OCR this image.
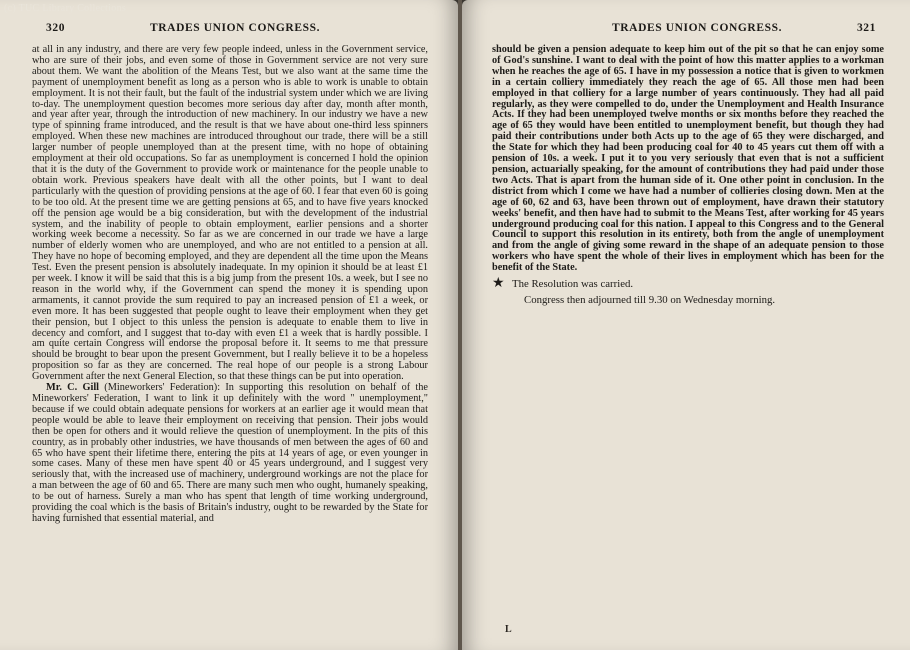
(c) TUC Library Collections
320	TRADES UNION CONGRESS.

at all in any industry, and there are very few people indeed, unless in the Government service, who are sure of their jobs, and even some of those in Government service are not very sure about them. We want the abolition of the Means Test, but we also want at the same time the payment of unemployment benefit as long as a person who is able to work is unable to obtain employment. It is not their fault, but the fault of the industrial system under which we are living to-day. The unemployment question becomes more serious day after day, month after month, and year after year, through the introduction of new machinery. In our industry we have a new type of spinning frame introduced, and the result is that we have about one-third less spinners employed. When these new machines are introduced throughout our trade, there will be a still larger number of people unemployed than at the present time, with no hope of obtaining employment at their old occupations. So far as unemployment is concerned I hold the opinion that it is the duty of the Government to provide work or maintenance for the people unable to obtain work. Previous speakers have dealt with all the other points, but I want to deal particularly with the question of providing pensions at the age of 60. I fear that even 60 is going to be too old. At the present time we are getting pensions at 65, and to have five years knocked off the pension age would be a big consideration, but with the development of the industrial system, and the inability of people to obtain employment, earlier pensions and a shorter working week become a necessity. So far as we are concerned in our trade we have a large number of elderly women who are unemployed, and who are not entitled to a pension at all. They have no hope of becoming employed, and they are dependent all the time upon the Means Test. Even the present pension is absolutely inadequate. In my opinion it should be at least £1 per week. I know it will be said that this is a big jump from the present 10s. a week, but I see no reason in the world why, if the Government can spend the money it is spending upon armaments, it cannot provide the sum required to pay an increased pension of £1 a week, or even more. It has been suggested that people ought to leave their employment when they get their pension, but I object to this unless the pension is adequate to enable them to live in decency and comfort, and I suggest that to-day with even £1 a week that is hardly possible. I am quite certain Congress will endorse the proposal before it. It seems to me that pressure should be brought to bear upon the present Government, but I really believe it to be a hopeless proposition so far as they are concerned. The real hope of our people is a strong Labour Government after the next General Election, so that these things can be put into operation.

Mr. C. Gill (Mineworkers' Federation): In supporting this resolution on behalf of the Mineworkers' Federation, I want to link it up definitely with the word " unemployment," because if we could obtain adequate pensions for workers at an earlier age it would mean that people would be able to leave their employment on receiving that pension. Their jobs would then be open for others and it would relieve the question of unemployment. In the pits of this country, as in probably other industries, we have thousands of men between the ages of 60 and 65 who have spent their lifetime there, entering the pits at 14 years of age, or even younger in some cases. Many of these men have spent 40 or 45 years underground, and I suggest very seriously that, with the increased use of machinery, underground workings are not the place for a man between the age of 60 and 65. There are many such men who ought, humanely speaking, to be out of harness. Surely a man who has spent that length of time working underground, providing the coal which is the basis of Britain's industry, ought to be rewarded by the State for having furnished that essential material, and

TRADES UNION CONGRESS.	321

should be given a pension adequate to keep him out of the pit so that he can enjoy some of God's sunshine. I want to deal with the point of how this matter applies to a workman when he reaches the age of 65. I have in my possession a notice that is given to workmen in a certain colliery immediately they reach the age of 65. All those men had been employed in that colliery for a large number of years continuously. They had all paid regularly, as they were compelled to do, under the Unemployment and Health Insurance Acts. If they had been unemployed twelve months or six months before they reached the age of 65 they would have been entitled to unemployment benefit, but though they had paid their contributions under both Acts up to the age of 65 they were discharged, and the State for which they had been producing coal for 40 to 45 years cut them off with a pension of 10s. a week. I put it to you very seriously that even that is not a sufficient pension, actuarially speaking, for the amount of contributions they had paid under those two Acts. That is apart from the human side of it. One other point in conclusion. In the district from which I come we have had a number of collieries closing down. Men at the age of 60, 62 and 63, have been thrown out of employment, have drawn their statutory weeks' benefit, and then have had to submit to the Means Test, after working for 45 years underground producing coal for this nation. I appeal to this Congress and to the General Council to support this resolution in its entirety, both from the angle of unemployment and from the angle of giving some reward in the shape of an adequate pension to those workers who have spent the whole of their lives in employment which has been for the benefit of the State.

★ The Resolution was carried.
Congress then adjourned till 9.30 on Wednesday morning.
L
